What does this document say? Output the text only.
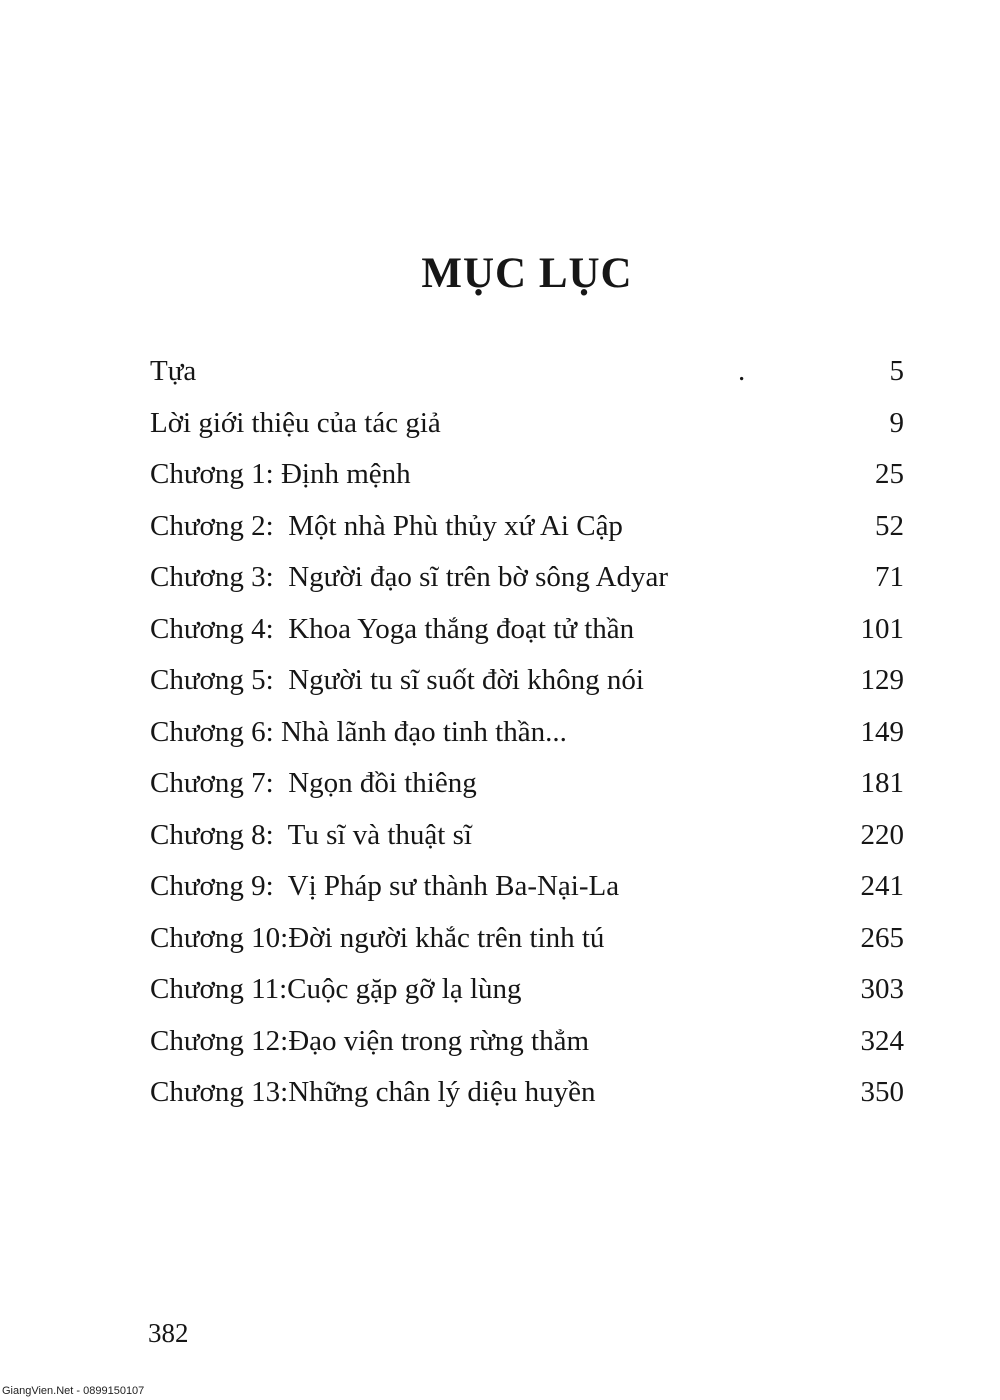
MỤC LỤC
Tựa	.	5
Lời giới thiệu của tác giả	9
Chương 1: Định mệnh	25
Chương 2:  Một nhà Phù thủy xứ Ai Cập	52
Chương 3:  Người đạo sĩ trên bờ sông Adyar	71
Chương 4:  Khoa Yoga thắng đoạt tử thần	101
Chương 5:  Người tu sĩ suốt đời không nói	129
Chương 6: Nhà lãnh đạo tinh thần...	149
Chương 7:  Ngọn đồi thiêng	181
Chương 8:  Tu sĩ và thuật sĩ	220
Chương 9:  Vị Pháp sư thành Ba-Nại-La	241
Chương 10:Đời người khắc trên tinh tú	265
Chương 11:Cuộc gặp gỡ lạ lùng	303
Chương 12:Đạo viện trong rừng thẳm	324
Chương 13:Những chân lý diệu huyền	350
382
GiangVien.Net - 0899150107
